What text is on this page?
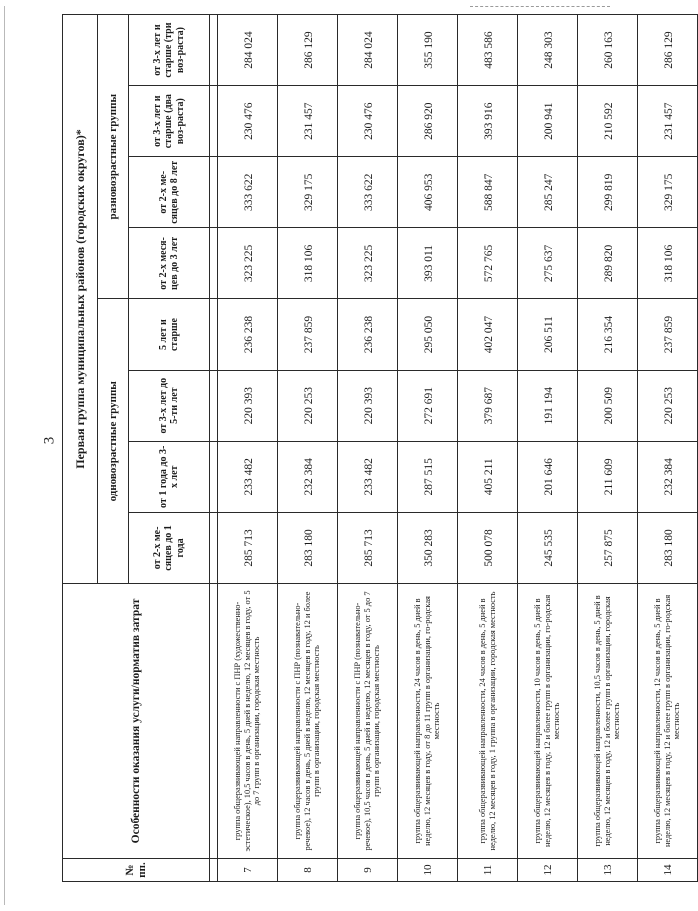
3
№ пп.	Особенности оказания услуги/норматив затрат	Первая группа муниципальных районов (городских округов)*							
		одновозрастные группы				разновозрастные группы			
		от 2-х ме-сяцев до 1 года	от 1 года до 3-х лет	от 3-х лет до 5-ти лет	5 лет и старше	от 2-х меся-цев до 3 лет	от 2-х ме-сяцев до 8 лет	от 3-х лет и старше (два воз-раста)	от 3-х лет и старше (три воз-раста)

7	группа общеразвивающей направленности с ПНР (художественно-эстетическое), 10,5 часов в день, 5 дней в неделю, 12 месяцев в году, от 5 до 7 групп в организации, городская местность	285 713	233 482	220 393	236 238	323 225	333 622	230 476	284 024
8	группа общеразвивающей направленности с ПНР (познавательно-речевое), 12 часов в день, 5 дней в неделю, 12 месяцев в году, 12 и более групп в организации, городская местность	283 180	232 384	220 253	237 859	318 106	329 175	231 457	286 129
9	группа общеразвивающей направленности с ПНР (познавательно-речевое), 10,5 часов в день, 5 дней в неделю, 12 месяцев в году, от 5 до 7 групп в организации, городская местность	285 713	233 482	220 393	236 238	323 225	333 622	230 476	284 024
10	группа общеразвивающей направленности, 24 часов в день, 5 дней в неделю, 12 месяцев в году, от 8 до 11 групп в организации, го-родская местность	350 283	287 515	272 691	295 050	393 011	406 953	286 920	355 190
11	группа общеразвивающей направленности, 24 часов в день, 5 дней в неделю, 12 месяцев в году, 1 группа в организации, городская местность	500 078	405 211	379 687	402 047	572 765	588 847	393 916	483 586
12	группа общеразвивающей направленности, 10 часов в день, 5 дней в неделю, 12 месяцев в году, 12 и более групп в организации, го-родская местность	245 535	201 646	191 194	206 511	275 637	285 247	200 941	248 303
13	группа общеразвивающей направленности, 10,5 часов в день, 5 дней в неделю, 12 месяцев в году, 12 и более групп в организации, городская местность	257 875	211 609	200 509	216 354	289 820	299 819	210 592	260 163
14	группа общеразвивающей направленности, 12 часов в день, 5 дней в неделю, 12 месяцев в году, 12 и более групп в организации, го-родская местность	283 180	232 384	220 253	237 859	318 106	329 175	231 457	286 129
